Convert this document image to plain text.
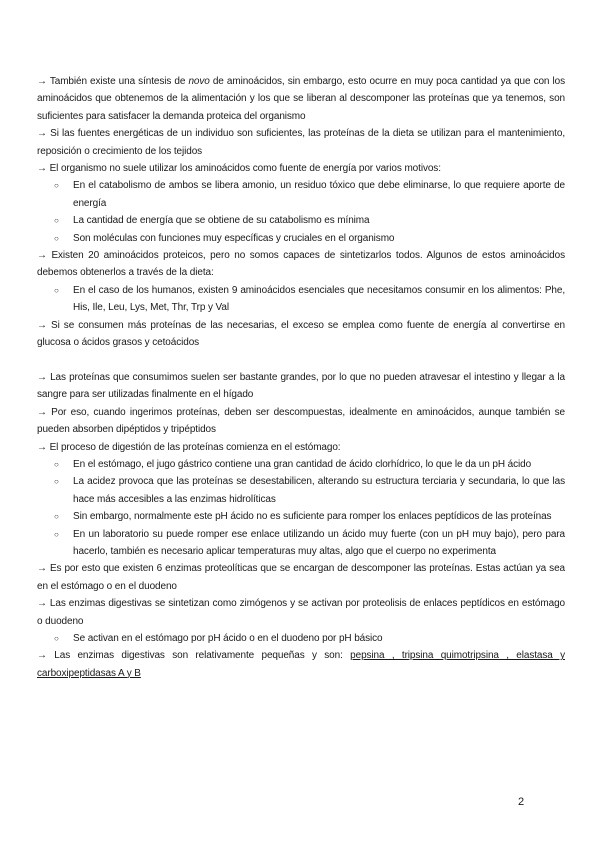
→ También existe una síntesis de novo de aminoácidos, sin embargo, esto ocurre en muy poca cantidad ya que con los aminoácidos que obtenemos de la alimentación y los que se liberan al descomponer las proteínas que ya tenemos, son suficientes para satisfacer la demanda proteica del organismo

→ Si las fuentes energéticas de un individuo son suficientes, las proteínas de la dieta se utilizan para el mantenimiento, reposición o crecimiento de los tejidos

→ El organismo no suele utilizar los aminoácidos como fuente de energía por varios motivos:

○ En el catabolismo de ambos se libera amonio, un residuo tóxico que debe eliminarse, lo que requiere aporte de energía
○ La cantidad de energía que se obtiene de su catabolismo es mínima
○ Son moléculas con funciones muy específicas y cruciales en el organismo

→ Existen 20 aminoácidos proteicos, pero no somos capaces de sintetizarlos todos. Algunos de estos aminoácidos debemos obtenerlos a través de la dieta:

○ En el caso de los humanos, existen 9 aminoácidos esenciales que necesitamos consumir en los alimentos: Phe, His, Ile, Leu, Lys, Met, Thr, Trp y Val

→ Si se consumen más proteínas de las necesarias, el exceso se emplea como fuente de energía al convertirse en glucosa o ácidos grasos y cetoácidos

→ Las proteínas que consumimos suelen ser bastante grandes, por lo que no pueden atravesar el intestino y llegar a la sangre para ser utilizadas finalmente en el hígado

→ Por eso, cuando ingerimos proteínas, deben ser descompuestas, idealmente en aminoácidos, aunque también se pueden absorben dipéptidos y tripéptidos

→ El proceso de digestión de las proteínas comienza en el estómago:

○ En el estómago, el jugo gástrico contiene una gran cantidad de ácido clorhídrico, lo que le da un pH ácido
○ La acidez provoca que las proteínas se desestabilicen, alterando su estructura terciaria y secundaria, lo que las hace más accesibles a las enzimas hidrolíticas
○ Sin embargo, normalmente este pH ácido no es suficiente para romper los enlaces peptídicos de las proteínas
○ En un laboratorio su puede romper ese enlace utilizando un ácido muy fuerte (con un pH muy bajo), pero para hacerlo, también es necesario aplicar temperaturas muy altas, algo que el cuerpo no experimenta

→ Es por esto que existen 6 enzimas proteolíticas que se encargan de descomponer las proteínas. Estas actúan ya sea en el estómago o en el duodeno

→ Las enzimas digestivas se sintetizan como zimógenos y se activan por proteolisis de enlaces peptídicos en estómago o duodeno

○ Se activan en el estómago por pH ácido o en el duodeno por pH básico

→ Las enzimas digestivas son relativamente pequeñas y son: pepsina , tripsina quimotripsina , elastasa y carboxipeptidasas A y B

2
